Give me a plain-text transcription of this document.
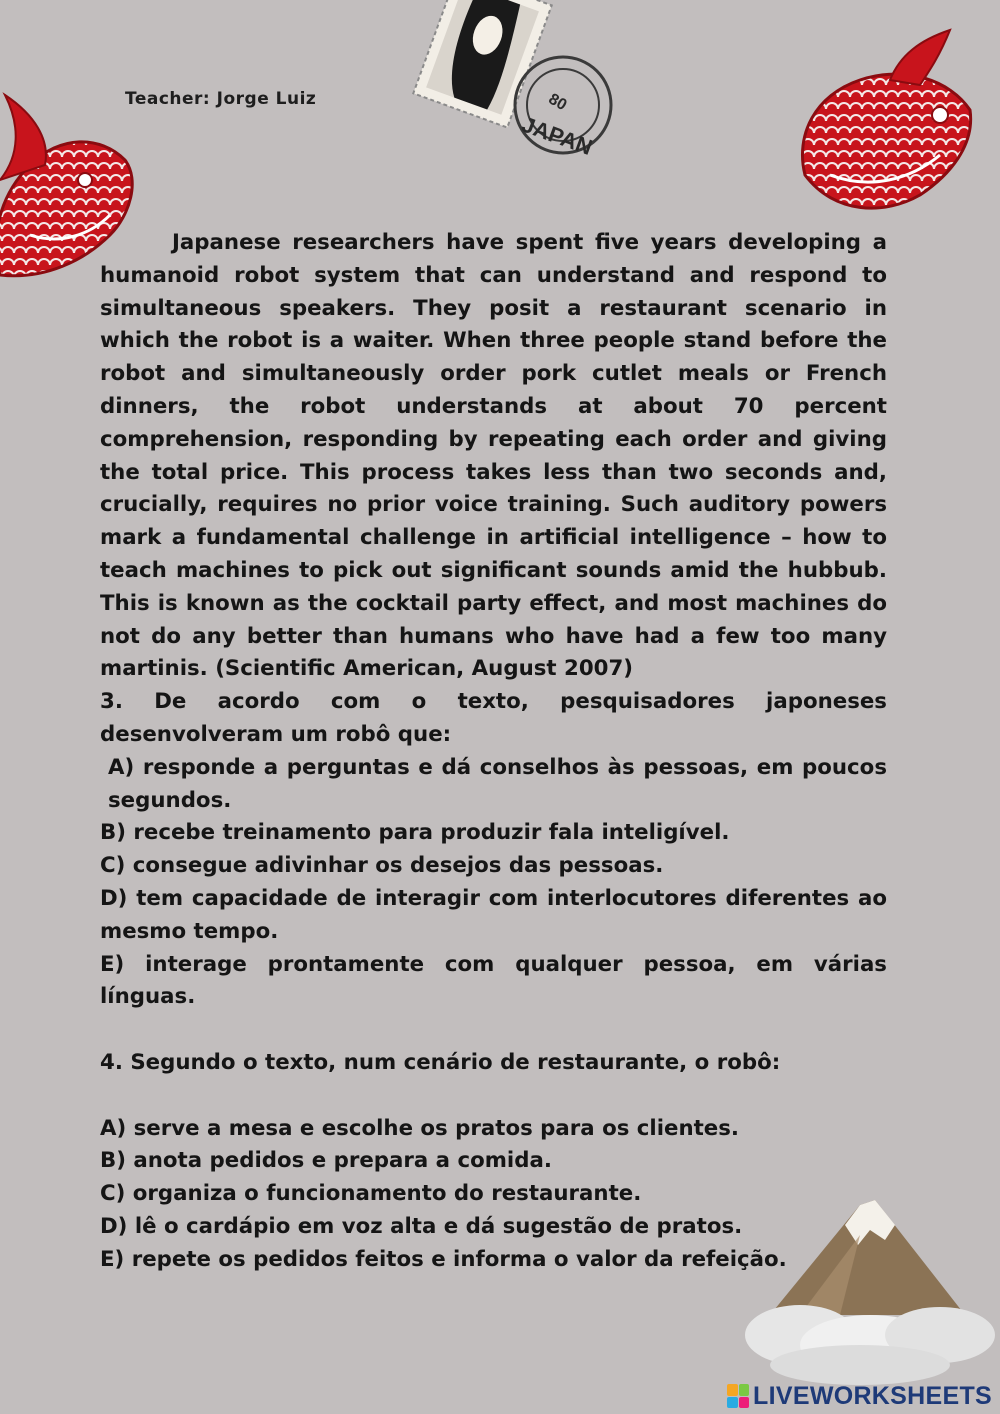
Teacher: Jorge Luiz	80
JAPAN

Japanese researchers have spent five years developing a humanoid robot system that can understand and respond to simultaneous speakers. They posit a restaurant scenario in which the robot is a waiter. When three people stand before the robot and simultaneously order pork cutlet meals or French dinners, the robot understands at about 70 percent comprehension, responding by repeating each order and giving the total price. This process takes less than two seconds and, crucially, requires no prior voice training. Such auditory powers mark a fundamental challenge in artificial intelligence – how to teach machines to pick out significant sounds amid the hubbub. This is known as the cocktail party effect, and most machines do not do any better than humans who have had a few too many martinis. (Scientific American, August 2007)

3. De acordo com o texto, pesquisadores japoneses desenvolveram um robô que:

A) responde a perguntas e dá conselhos às pessoas, em poucos segundos.

B) recebe treinamento para produzir fala inteligível.

C) consegue adivinhar os desejos das pessoas.

D) tem capacidade de interagir com interlocutores diferentes ao mesmo tempo.

E) interage prontamente com qualquer pessoa, em várias línguas.

4. Segundo o texto, num cenário de restaurante, o robô:

A) serve a mesa e escolhe os pratos para os clientes.

B) anota pedidos e prepara a comida.

C) organiza o funcionamento do restaurante.

D) lê o cardápio em voz alta e dá sugestão de pratos.

E) repete os pedidos feitos e informa o valor da refeição.

LIVEWORKSHEETS
